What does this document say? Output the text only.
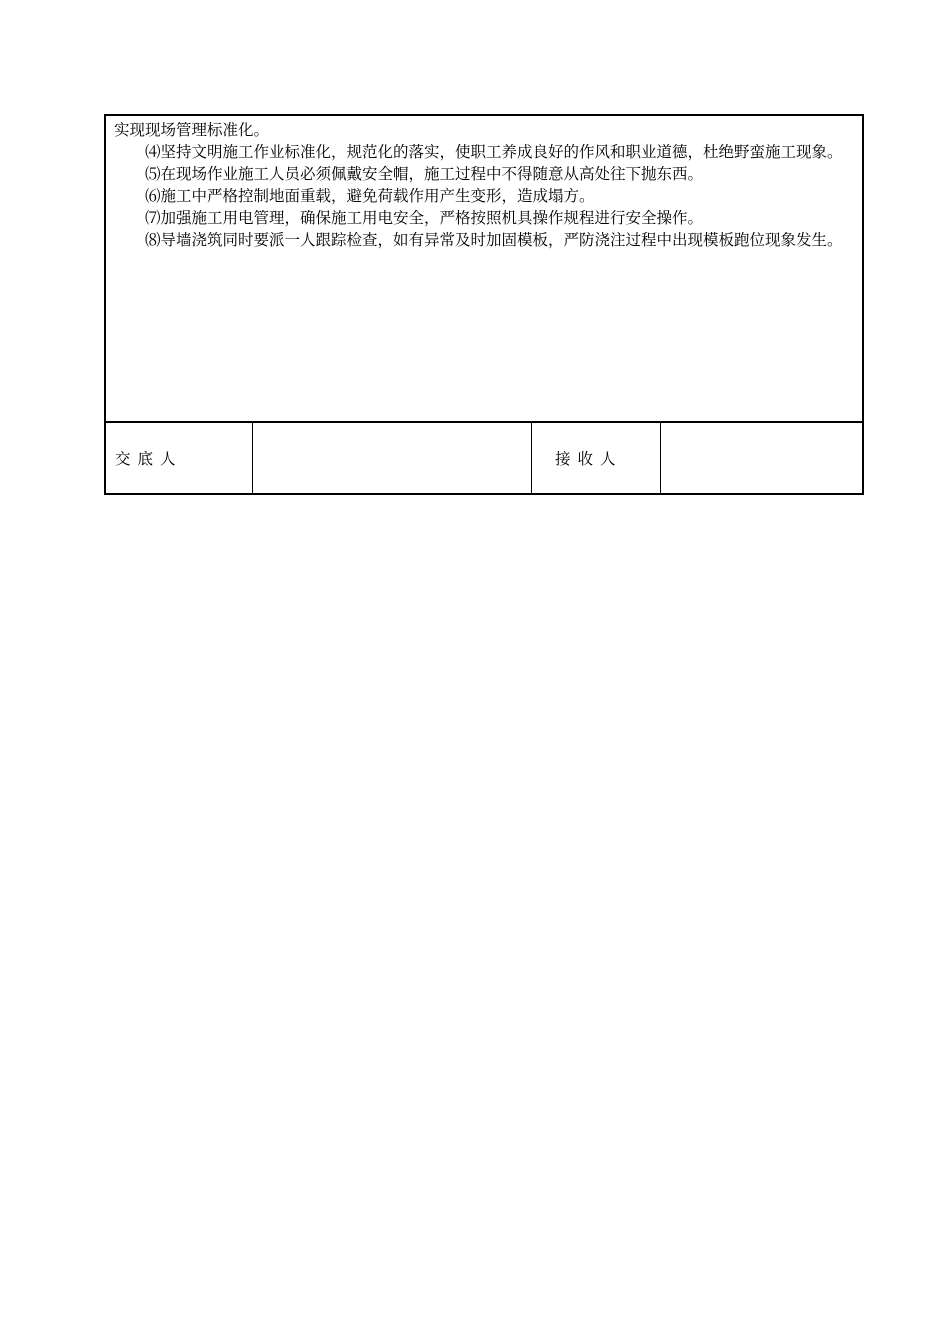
实现现场管理标准化。

⑷坚持文明施工作业标准化，规范化的落实，使职工养成良好的作风和职业道德，杜绝野蛮施工现象。

⑸在现场作业施工人员必须佩戴安全帽，施工过程中不得随意从高处往下抛东西。

⑹施工中严格控制地面重载，避免荷载作用产生变形，造成塌方。

⑺加强施工用电管理，确保施工用电安全，严格按照机具操作规程进行安全操作。

⑻导墙浇筑同时要派一人跟踪检查，如有异常及时加固模板，严防浇注过程中出现模板跑位现象发生。

交底人	接收人
